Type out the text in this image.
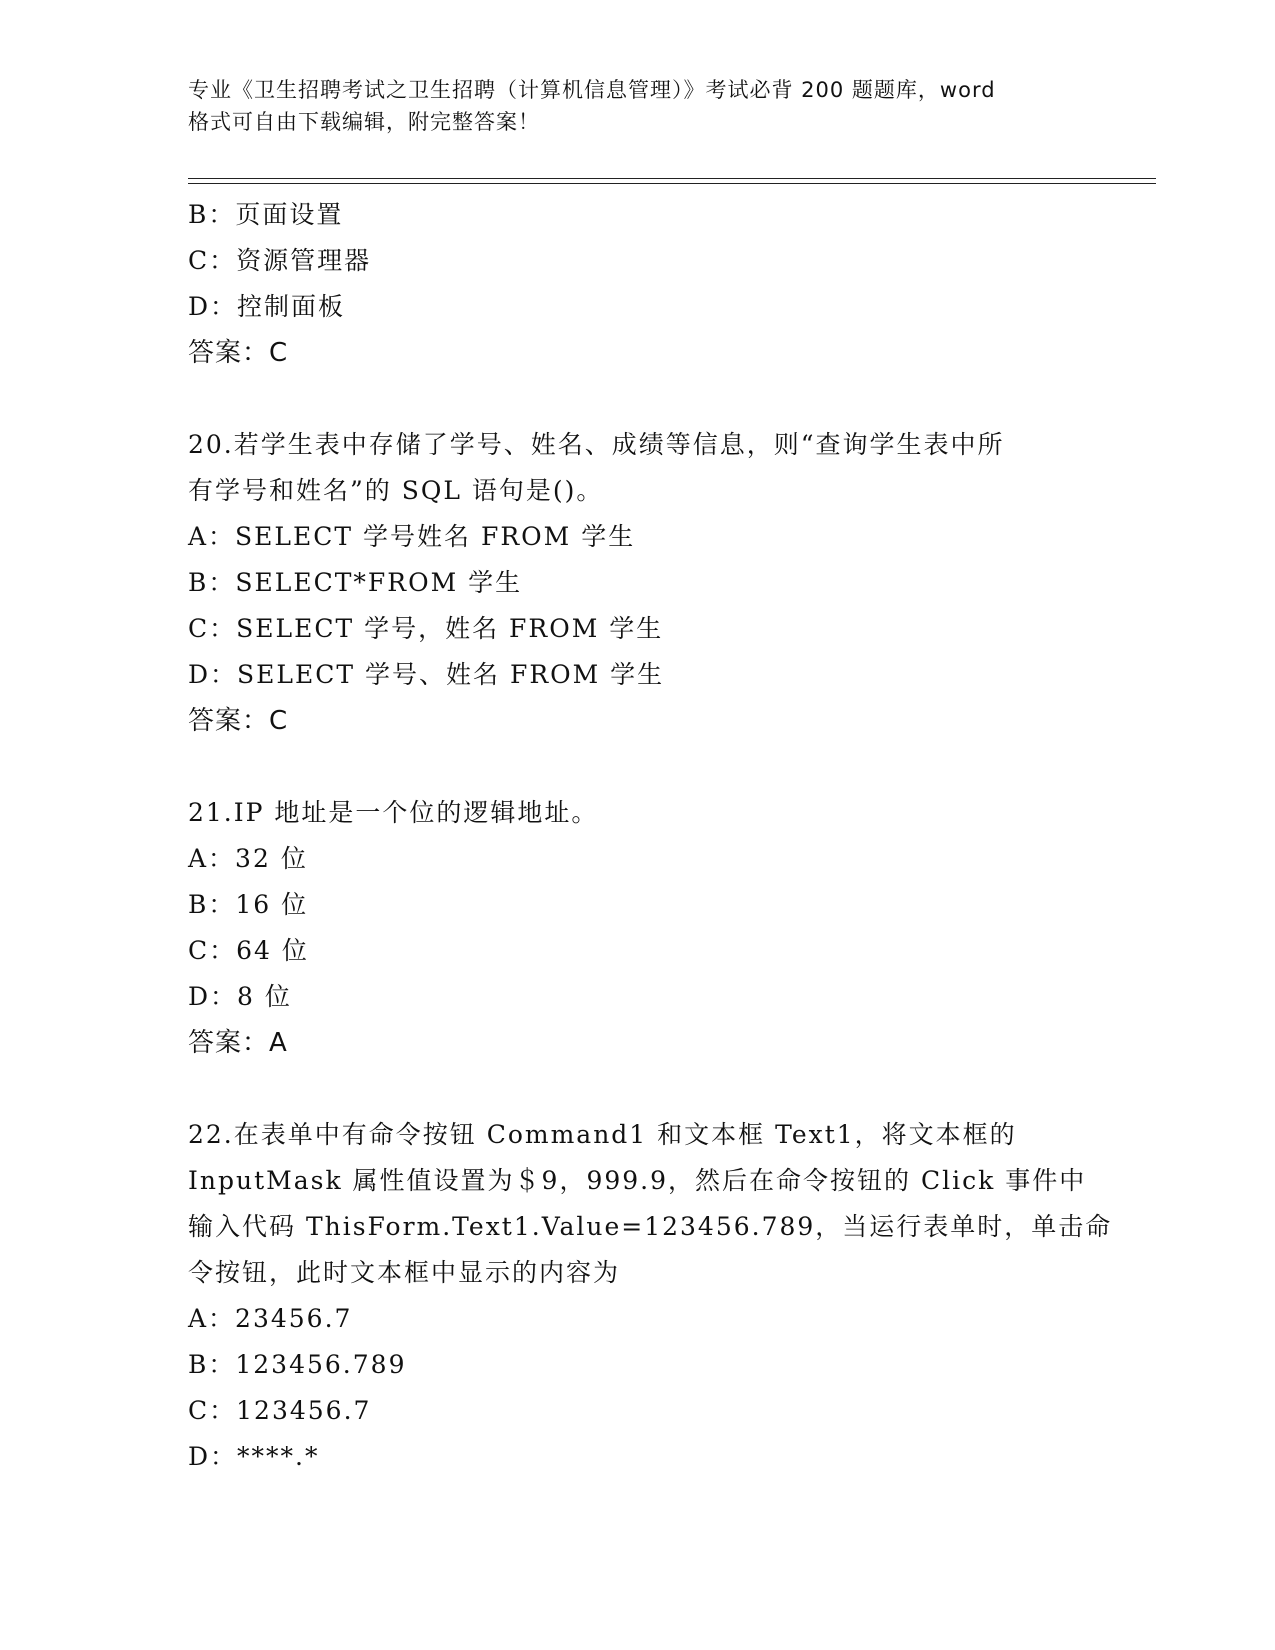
专业《卫生招聘考试之卫生招聘（计算机信息管理）》考试必背 200 题题库，word
格式可自由下载编辑，附完整答案！
B：页面设置
C：资源管理器
D：控制面板
答案：C
20.若学生表中存储了学号、姓名、成绩等信息，则“查询学生表中所
有学号和姓名”的 SQL 语句是()。
A：SELECT 学号姓名 FROM 学生
B：SELECT*FROM 学生
C：SELECT 学号，姓名 FROM 学生
D：SELECT 学号、姓名 FROM 学生
答案：C
21.IP 地址是一个位的逻辑地址。
A：32 位
B：16 位
C：64 位
D：8 位
答案：A
22.在表单中有命令按钮 Command1 和文本框 Text1，将文本框的
InputMask 属性值设置为＄9，999.9，然后在命令按钮的 Click 事件中
输入代码 ThisForm.Text1.Value=123456.789，当运行表单时，单击命
令按钮，此时文本框中显示的内容为
A：23456.7
B：123456.789
C：123456.7
D：****.*
